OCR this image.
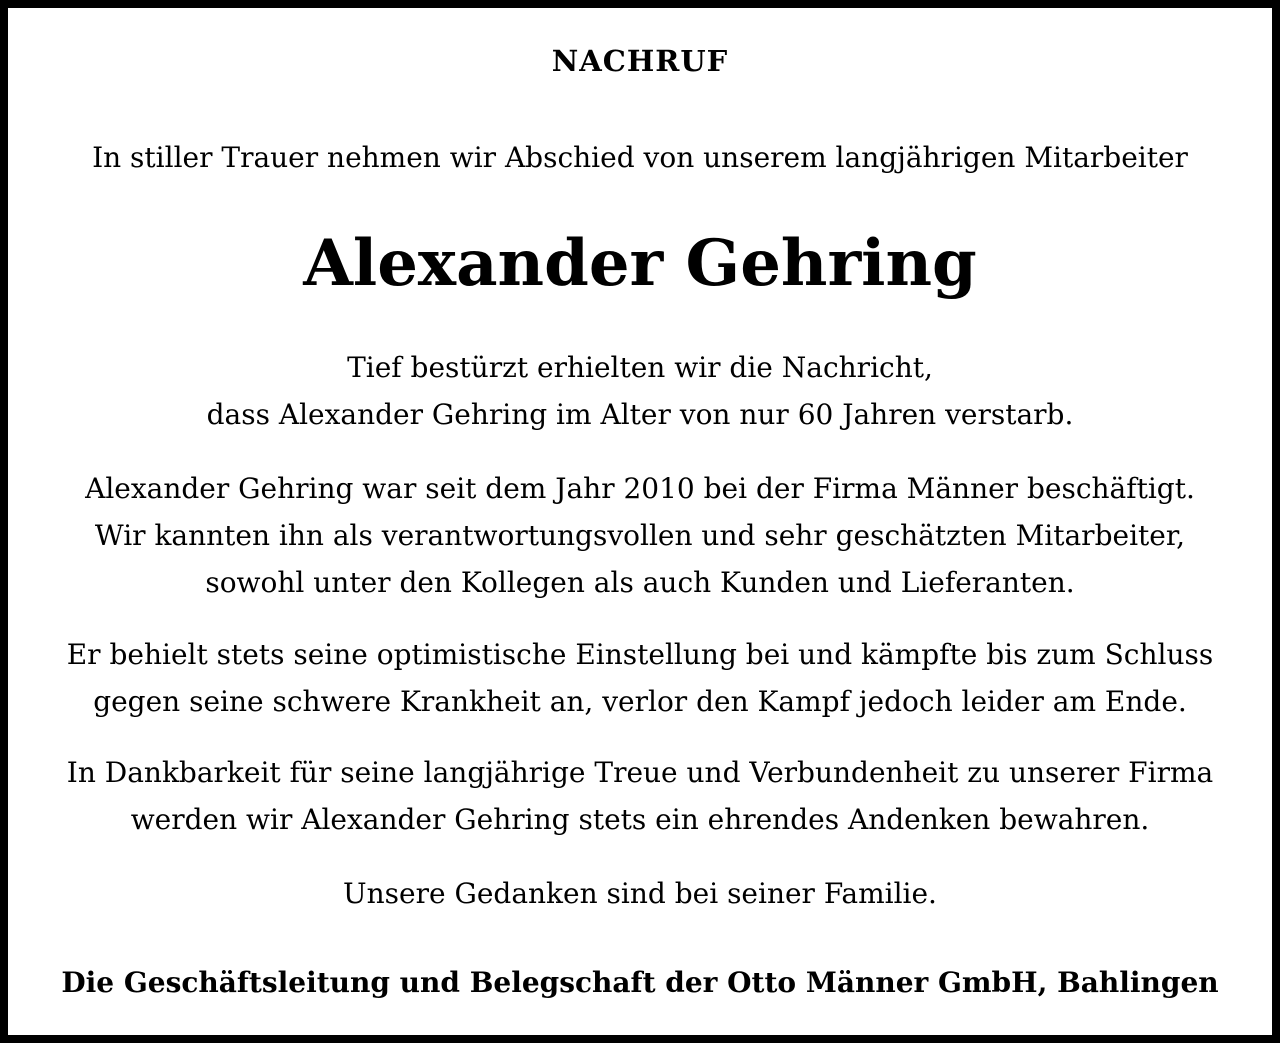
NACHRUF
In stiller Trauer nehmen wir Abschied von unserem langjährigen Mitarbeiter
Alexander Gehring
Tief bestürzt erhielten wir die Nachricht,
dass Alexander Gehring im Alter von nur 60 Jahren verstarb.
Alexander Gehring war seit dem Jahr 2010 bei der Firma Männer beschäftigt.
Wir kannten ihn als verantwortungsvollen und sehr geschätzten Mitarbeiter,
sowohl unter den Kollegen als auch Kunden und Lieferanten.
Er behielt stets seine optimistische Einstellung bei und kämpfte bis zum Schluss
gegen seine schwere Krankheit an, verlor den Kampf jedoch leider am Ende.
In Dankbarkeit für seine langjährige Treue und Verbundenheit zu unserer Firma
werden wir Alexander Gehring stets ein ehrendes Andenken bewahren.
Unsere Gedanken sind bei seiner Familie.
Die Geschäftsleitung und Belegschaft der Otto Männer GmbH, Bahlingen
